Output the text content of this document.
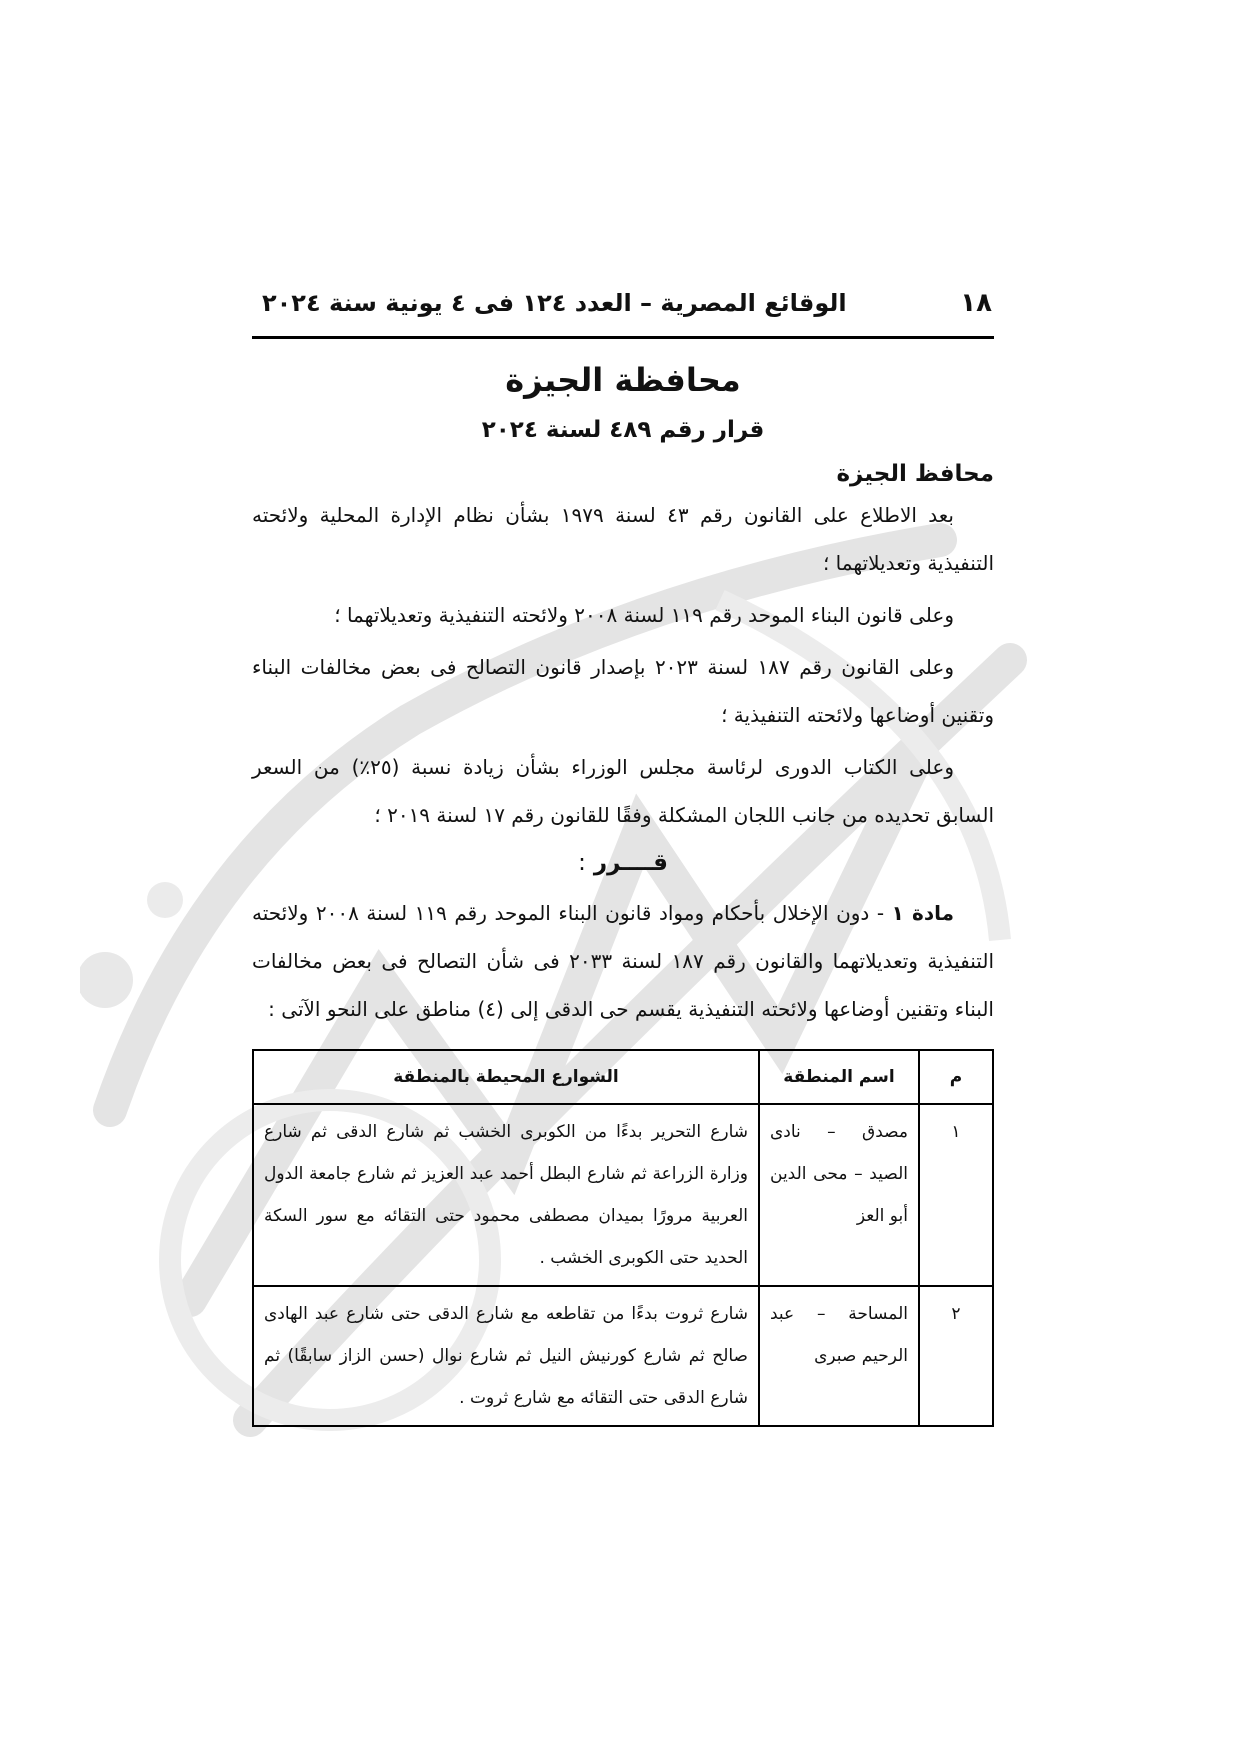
١٨
الوقائع المصرية – العدد ١٢٤ فى ٤ يونية سنة ٢٠٢٤
محافظة الجيزة
قرار رقم ٤٨٩ لسنة ٢٠٢٤
محافظ الجيزة

بعد الاطلاع على القانون رقم ٤٣ لسنة ١٩٧٩ بشأن نظام الإدارة المحلية ولائحته التنفيذية وتعديلاتهما ؛

وعلى قانون البناء الموحد رقم ١١٩ لسنة ٢٠٠٨ ولائحته التنفيذية وتعديلاتهما ؛

وعلى القانون رقم ١٨٧ لسنة ٢٠٢٣ بإصدار قانون التصالح فى بعض مخالفات البناء وتقنين أوضاعها ولائحته التنفيذية ؛

وعلى الكتاب الدورى لرئاسة مجلس الوزراء بشأن زيادة نسبة (٢٥٪) من السعر السابق تحديده من جانب اللجان المشكلة وفقًا للقانون رقم ١٧ لسنة ٢٠١٩ ؛

قــــرر:

مادة ١ - دون الإخلال بأحكام ومواد قانون البناء الموحد رقم ١١٩ لسنة ٢٠٠٨ ولائحته التنفيذية وتعديلاتهما والقانون رقم ١٨٧ لسنة ٢٠٣٣ فى شأن التصالح فى بعض مخالفات البناء وتقنين أوضاعها ولائحته التنفيذية يقسم حى الدقى إلى (٤) مناطق على النحو الآتى :

م	اسم المنطقة	الشوارع المحيطة بالمنطقة
١	مصدق – نادى الصيد – محى الدين أبو العز	شارع التحرير بدءًا من الكوبرى الخشب ثم شارع الدقى ثم شارع وزارة الزراعة ثم شارع البطل أحمد عبد العزيز ثم شارع جامعة الدول العربية مرورًا بميدان مصطفى محمود حتى التقائه مع سور السكة الحديد حتى الكوبرى الخشب .
٢	المساحة – عبد الرحيم صبرى	شارع ثروت بدءًا من تقاطعه مع شارع الدقى حتى شارع عبد الهادى صالح ثم شارع كورنيش النيل ثم شارع نوال (حسن الزاز سابقًا) ثم شارع الدقى حتى التقائه مع شارع ثروت .
